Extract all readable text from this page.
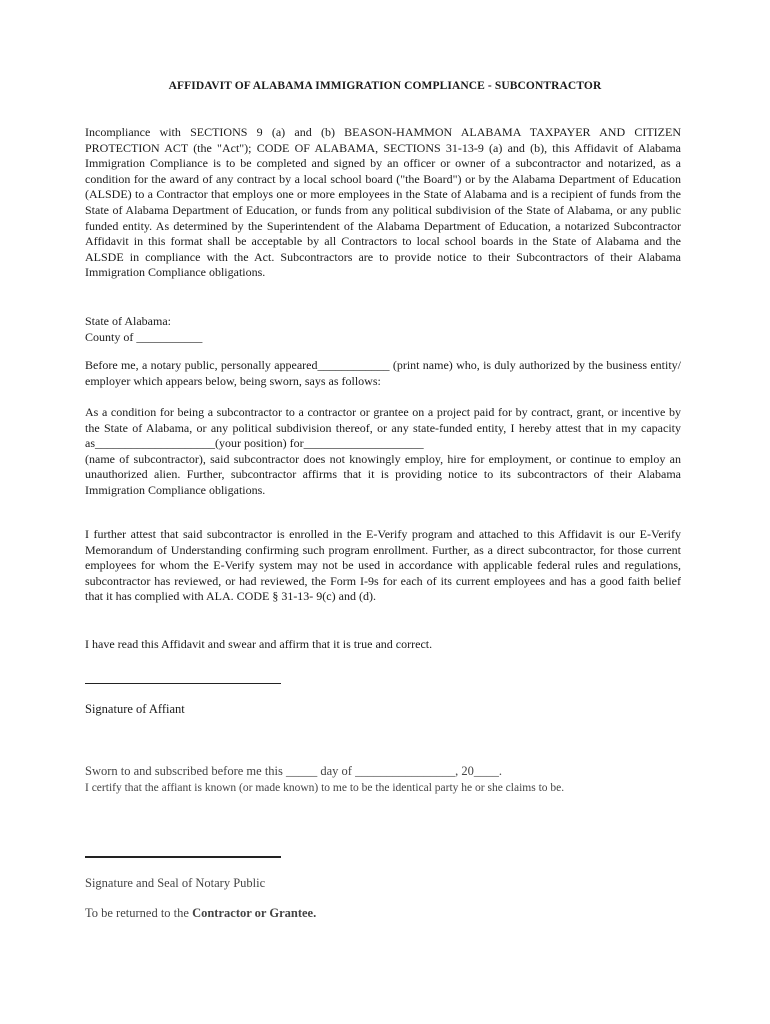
AFFIDAVIT OF ALABAMA IMMIGRATION COMPLIANCE - SUBCONTRACTOR

Incompliance with SECTIONS 9 (a) and (b) BEASON-HAMMON ALABAMA TAXPAYER AND CITIZEN PROTECTION ACT (the "Act"); CODE OF ALABAMA, SECTIONS 31-13-9 (a) and (b), this Affidavit of Alabama Immigration Compliance is to be completed and signed by an officer or owner of a subcontractor and notarized, as a condition for the award of any contract by a local school board ("the Board") or by the Alabama Department of Education (ALSDE) to a Contractor that employs one or more employees in the State of Alabama and is a recipient of funds from the State of Alabama Department of Education, or funds from any political subdivision of the State of Alabama, or any public funded entity. As determined by the Superintendent of the Alabama Department of Education, a notarized Subcontractor Affidavit in this format shall be acceptable by all Contractors to local school boards in the State of Alabama and the ALSDE in compliance with the Act. Subcontractors are to provide notice to their Subcontractors of their Alabama Immigration Compliance obligations.

State of Alabama:

County of ___________

Before me, a notary public, personally appeared____________ (print name) who, is duly authorized by the business entity/ employer which appears below, being sworn, says as follows:

As a condition for being a subcontractor to a contractor or grantee on a project paid for by contract, grant, or incentive by the State of Alabama, or any political subdivision thereof, or any state-funded entity, I hereby attest that in my capacity as____________________(your position) for____________________

(name of subcontractor), said subcontractor does not knowingly employ, hire for employment, or continue to employ an unauthorized alien. Further, subcontractor affirms that it is providing notice to its subcontractors of their Alabama Immigration Compliance obligations.

I further attest that said subcontractor is enrolled in the E-Verify program and attached to this Affidavit is our E-Verify Memorandum of Understanding confirming such program enrollment. Further, as a direct subcontractor, for those current employees for whom the E-Verify system may not be used in accordance with applicable federal rules and regulations, subcontractor has reviewed, or had reviewed, the Form I-9s for each of its current employees and has a good faith belief that it has complied with ALA. CODE § 31-13- 9(c) and (d).

I have read this Affidavit and swear and affirm that it is true and correct.

Signature of Affiant
Sworn to and subscribed before me this _____ day of ________________, 20____.
I certify that the affiant is known (or made known) to me to be the identical party he or she claims to be.
Signature and Seal of Notary Public
To be returned to the Contractor or Grantee.
